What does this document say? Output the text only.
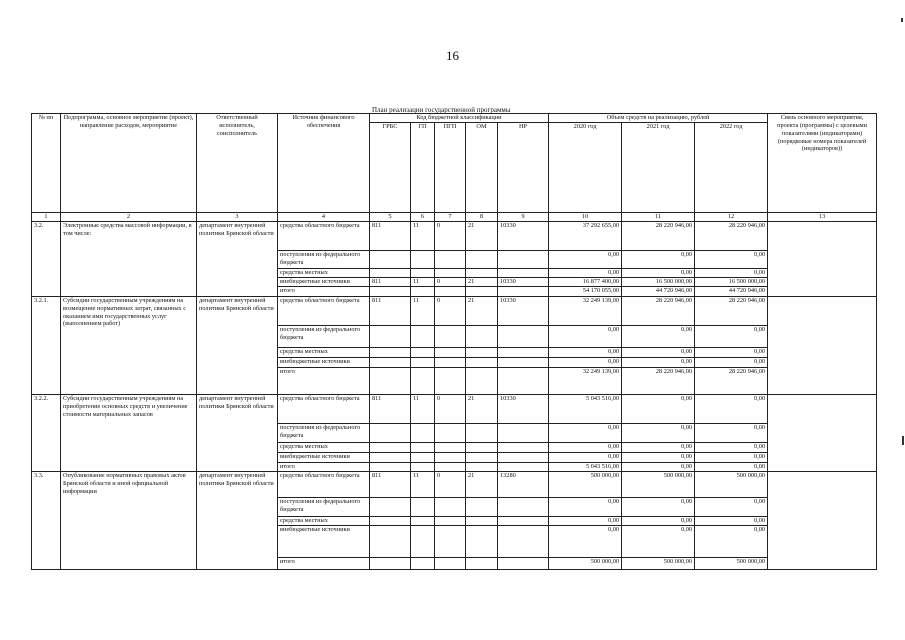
16
План реализации государственной программы
№ пп	Подпрограмма, основное мероприятие (проект), направление расходов, мероприятие	Ответственный исполнитель, соисполнитель	Источник финансового обеспечения	Код бюджетной классификации					Объем средств на реализацию, рублей			Связь основного мероприятия, проекта (программы) с целевыми показателями (индикаторами) (порядковые номера показателей (индикаторов))
				ГРБС	ГП	ПГП	ОМ	НР	2020 год	2021 год	2022 год	
1	2	3	4	5	6	7	8	9	10	11	12	13
3.2.	Электронные средства массовой информации, в том числе:	департамент внутренней политики Брянской области	средства областного бюджета	811	11	0	21	10330	37 292 655,00	28 220 946,00	28 220 946,00	
			поступления из федерального бюджета						0,00	0,00	0,00	
			средства местных						0,00	0,00	0,00	
			внебюджетные источники	811	11	0	21	10330	16 877 400,00	16 500 000,00	16 500 000,00	
			итого						54 170 055,00	44 720 946,00	44 720 946,00	
3.2.1.	Субсидии государственным учреждениям на возмещение нормативных затрат, связанных с оказанием ими государственных услуг (выполнением работ)	департамент внутренней политики Брянской области	средства областного бюджета	811	11	0	21	10330	32 249 139,00	28 220 946,00	28 220 946,00	
			поступления из федерального бюджета						0,00	0,00	0,00	
			средства местных						0,00	0,00	0,00	
			внебюджетные источники						0,00	0,00	0,00	
			итого						32 249 139,00	28 220 946,00	28 220 946,00	
3.2.2.	Субсидии государственным учреждениям на приобретение основных средств и увеличение стоимости материальных запасов	департамент внутренней политики Брянской области	средства областного бюджета	811	11	0	21	10330	5 043 516,00	0,00	0,00	
			поступления из федерального бюджета						0,00	0,00	0,00	
			средства местных						0,00	0,00	0,00	
			внебюджетные источники						0,00	0,00	0,00	
			итого						5 043 516,00	0,00	0,00	
3.3.	Опубликование нормативных правовых актов Брянской области и иной официальной информации	департамент внутренней политики Брянской области	средства областного бюджета	811	11	0	21	13280	500 000,00	500 000,00	500 000,00	
			поступления из федерального бюджета						0,00	0,00	0,00	
			средства местных						0,00	0,00	0,00	
			внебюджетные источники						0,00	0,00	0,00	
			итого						500 000,00	500 000,00	500 000,00	
